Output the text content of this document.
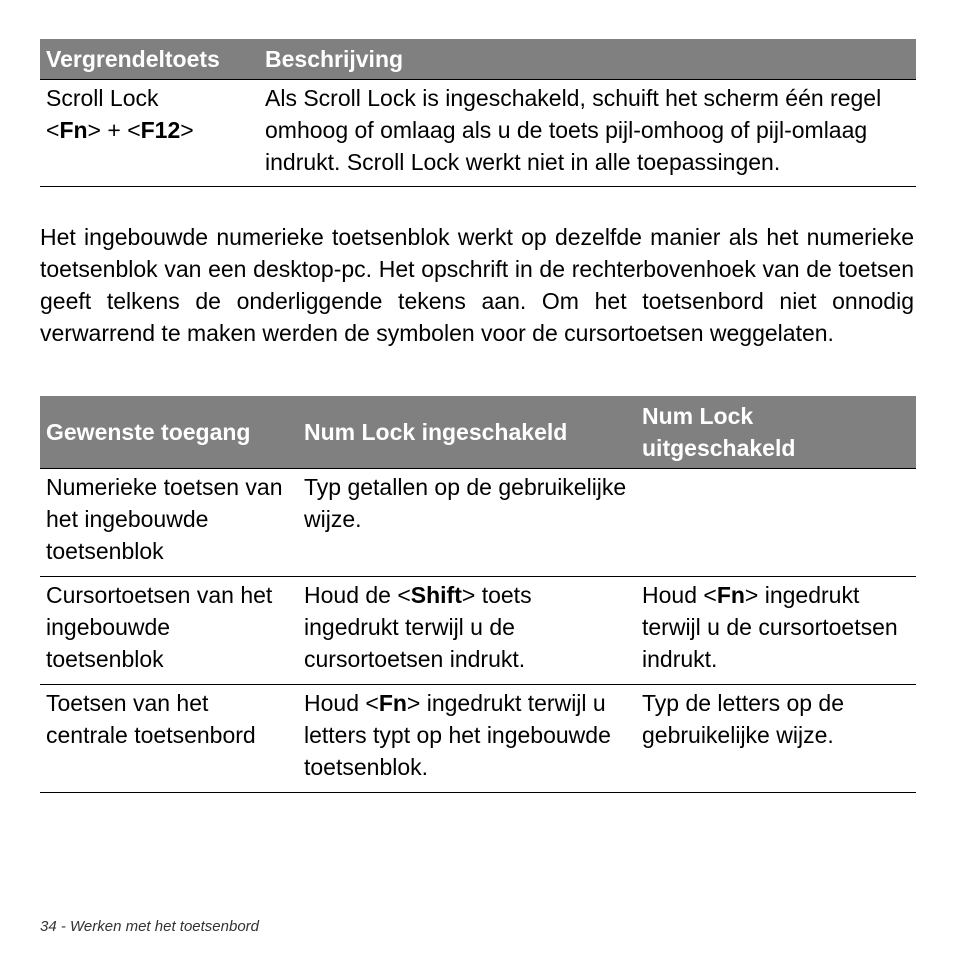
Vergrendeltoets	Beschrijving
Scroll Lock
<Fn> + <F12>	Als Scroll Lock is ingeschakeld, schuift het scherm één regel omhoog of omlaag als u de toets pijl-omhoog of pijl-omlaag indrukt. Scroll Lock werkt niet in alle toepassingen.

Het ingebouwde numerieke toetsenblok werkt op dezelfde manier als het numerieke toetsenblok van een desktop-pc. Het opschrift in de rechterbovenhoek van de toetsen geeft telkens de onderliggende tekens aan. Om het toetsenbord niet onnodig verwarrend te maken werden de symbolen voor de cursortoetsen weggelaten.

Gewenste toegang	Num Lock ingeschakeld	Num Lock uitgeschakeld
Numerieke toetsen van het ingebouwde toetsenblok	Typ getallen op de gebruikelijke wijze.	
Cursortoetsen van het ingebouwde toetsenblok	Houd de <Shift> toets ingedrukt terwijl u de cursortoetsen indrukt.	Houd <Fn> ingedrukt terwijl u de cursortoetsen indrukt.
Toetsen van het centrale toetsenbord	Houd <Fn> ingedrukt terwijl u letters typt op het ingebouwde toetsenblok.	Typ de letters op de gebruikelijke wijze.
34 - Werken met het toetsenbord
